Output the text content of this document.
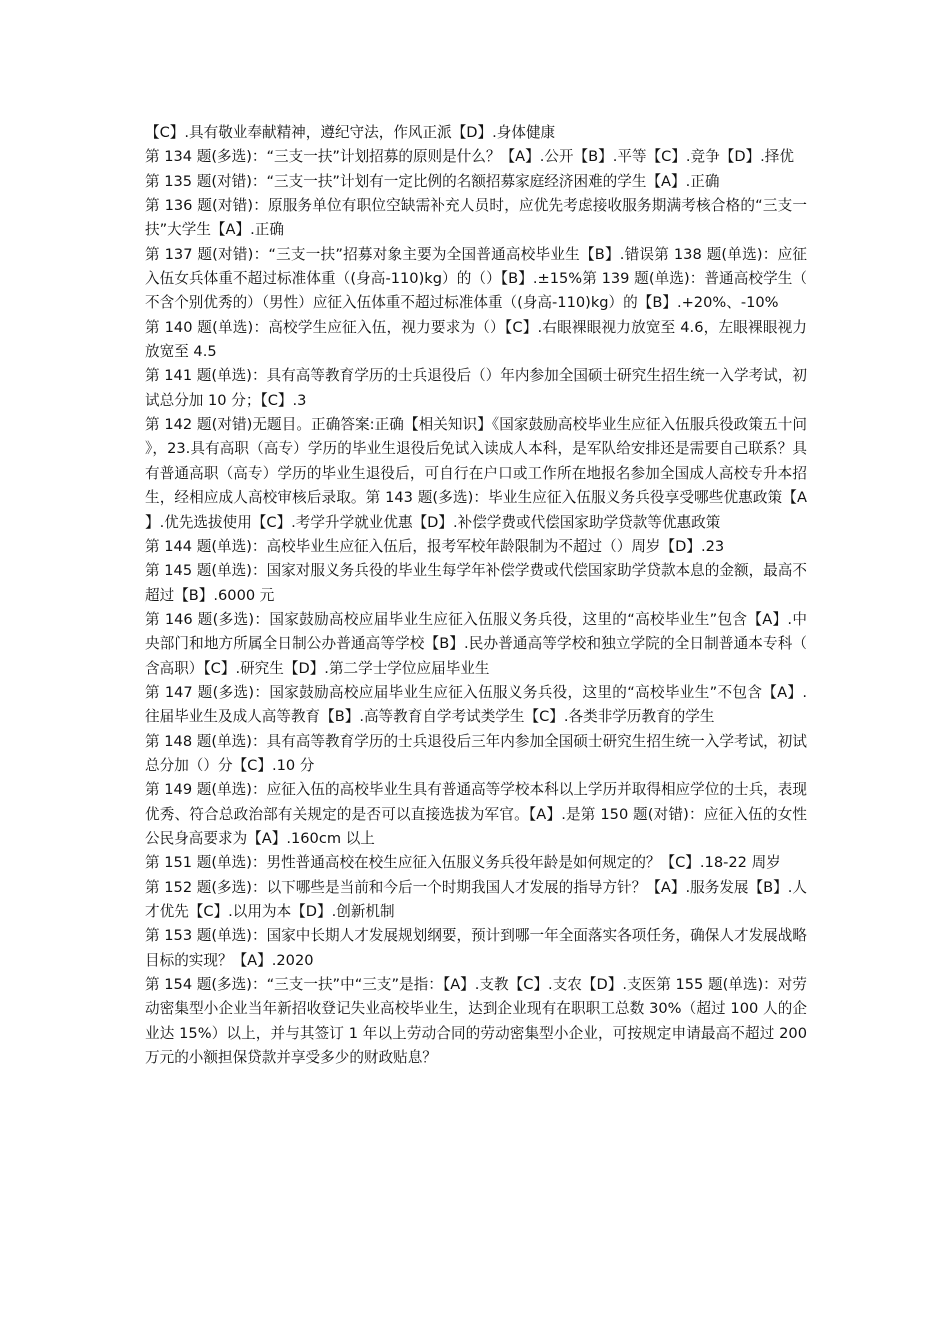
【C】.具有敬业奉献精神，遵纪守法，作风正派【D】.身体健康

第 134 题(多选)：“三支一扶”计划招募的原则是什么？【A】.公开【B】.平等【C】.竞争【D】.择优

第 135 题(对错)：“三支一扶”计划有一定比例的名额招募家庭经济困难的学生【A】.正确

第 136 题(对错)：原服务单位有职位空缺需补充人员时，应优先考虑接收服务期满考核合格的“三支一扶”大学生【A】.正确

第 137 题(对错)：“三支一扶”招募对象主要为全国普通高校毕业生【B】.错误第 138 题(单选)：应征入伍女兵体重不超过标准体重（(身高-110)kg）的（）【B】.±15%第 139 题(单选)：普通高校学生（不含个别优秀的）（男性）应征入伍体重不超过标准体重（(身高-110)kg）的【B】.+20%、-10%

第 140 题(单选)：高校学生应征入伍，视力要求为（）【C】.右眼裸眼视力放宽至 4.6，左眼裸眼视力放宽至 4.5

第 141 题(单选)：具有高等教育学历的士兵退役后（）年内参加全国硕士研究生招生统一入学考试，初试总分加 10 分；【C】.3

第 142 题(对错)无题目。正确答案:正确【相关知识】《国家鼓励高校毕业生应征入伍服兵役政策五十问》，23.具有高职（高专）学历的毕业生退役后免试入读成人本科，是军队给安排还是需要自己联系？具有普通高职（高专）学历的毕业生退役后，可自行在户口或工作所在地报名参加全国成人高校专升本招生，经相应成人高校审核后录取。第 143 题(多选)：毕业生应征入伍服义务兵役享受哪些优惠政策【A】.优先选拔使用【C】.考学升学就业优惠【D】.补偿学费或代偿国家助学贷款等优惠政策

第 144 题(单选)：高校毕业生应征入伍后，报考军校年龄限制为不超过（）周岁【D】.23

第 145 题(单选)：国家对服义务兵役的毕业生每学年补偿学费或代偿国家助学贷款本息的金额，最高不超过【B】.6000 元

第 146 题(多选)：国家鼓励高校应届毕业生应征入伍服义务兵役，这里的“高校毕业生”包含【A】.中央部门和地方所属全日制公办普通高等学校【B】.民办普通高等学校和独立学院的全日制普通本专科（含高职）【C】.研究生【D】.第二学士学位应届毕业生

第 147 题(多选)：国家鼓励高校应届毕业生应征入伍服义务兵役，这里的“高校毕业生”不包含【A】.往届毕业生及成人高等教育【B】.高等教育自学考试类学生【C】.各类非学历教育的学生

第 148 题(单选)：具有高等教育学历的士兵退役后三年内参加全国硕士研究生招生统一入学考试，初试总分加（）分【C】.10 分

第 149 题(单选)：应征入伍的高校毕业生具有普通高等学校本科以上学历并取得相应学位的士兵，表现优秀、符合总政治部有关规定的是否可以直接选拔为军官。【A】.是第 150 题(对错)：应征入伍的女性公民身高要求为【A】.160cm 以上

第 151 题(单选)：男性普通高校在校生应征入伍服义务兵役年龄是如何规定的？【C】.18-22 周岁

第 152 题(多选)：以下哪些是当前和今后一个时期我国人才发展的指导方针？【A】.服务发展【B】.人才优先【C】.以用为本【D】.创新机制

第 153 题(单选)：国家中长期人才发展规划纲要，预计到哪一年全面落实各项任务，确保人才发展战略目标的实现？【A】.2020

第 154 题(多选)：“三支一扶”中“三支”是指：【A】.支教【C】.支农【D】.支医第 155 题(单选)：对劳动密集型小企业当年新招收登记失业高校毕业生，达到企业现有在职职工总数 30%（超过 100 人的企业达 15%）以上，并与其签订 1 年以上劳动合同的劳动密集型小企业，可按规定申请最高不超过 200 万元的小额担保贷款并享受多少的财政贴息？
